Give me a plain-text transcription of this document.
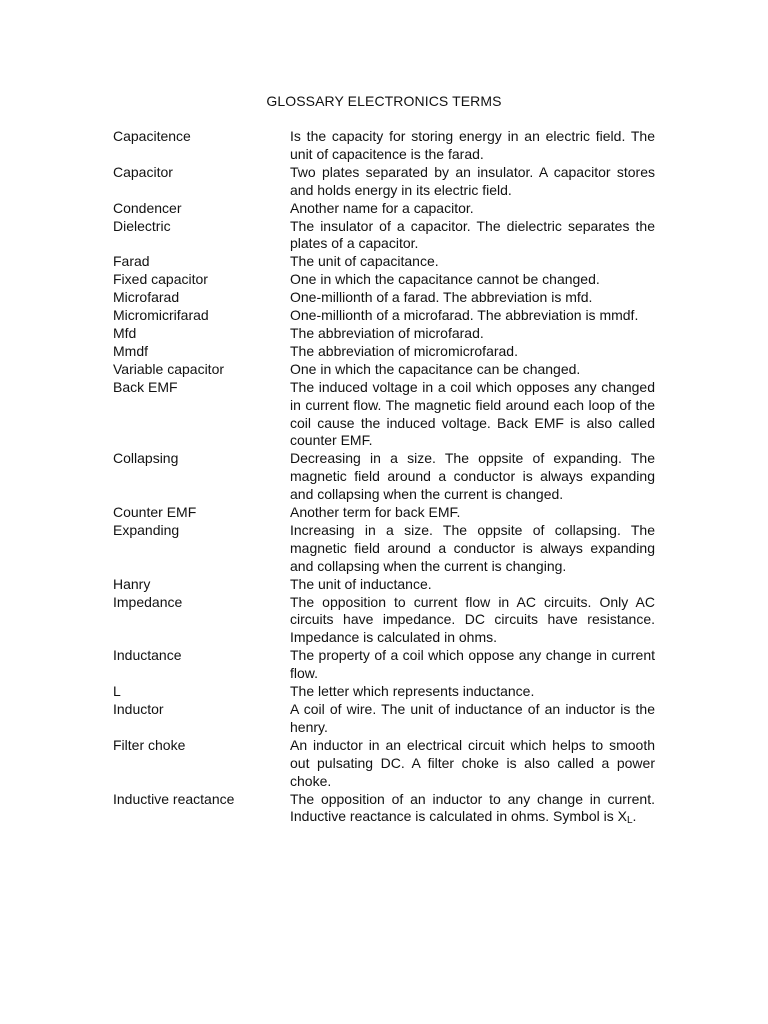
GLOSSARY ELECTRONICS TERMS
Capacitence	Is the capacity for storing energy in an electric field. The unit of capacitence is the farad.
Capacitor	Two plates separated by an insulator. A capacitor stores and holds energy in its electric field.
Condencer	Another name for a capacitor.
Dielectric	The insulator of a capacitor. The dielectric separates the plates of a capacitor.
Farad	The unit of capacitance.
Fixed capacitor	One in which the capacitance cannot be changed.
Microfarad	One-millionth of a farad. The abbreviation is mfd.
Micromicrifarad	One-millionth of a microfarad. The abbreviation is mmdf.
Mfd	The abbreviation of microfarad.
Mmdf	The abbreviation of micromicrofarad.
Variable capacitor	One in which the capacitance can be changed.
Back EMF	The induced voltage in a coil which opposes any changed in current flow. The magnetic field around each loop of the coil cause the induced voltage. Back EMF is also called counter EMF.
Collapsing	Decreasing in a size. The oppsite of expanding. The magnetic field around a conductor is always expanding and collapsing when the current is changed.
Counter EMF	Another term for back EMF.
Expanding	Increasing in a size. The oppsite of collapsing. The magnetic field around a conductor is always expanding and collapsing when the current is changing.
Hanry	The unit of inductance.
Impedance	The opposition to current flow in AC circuits. Only AC circuits have impedance. DC circuits have resistance. Impedance is calculated in ohms.
Inductance	The property of a coil which oppose any change in current flow.
L	The letter which represents inductance.
Inductor	A coil of wire. The unit of inductance of an inductor is the henry.
Filter choke	An inductor in an electrical circuit which helps to smooth out pulsating DC. A filter choke is also called a power choke.
Inductive reactance	The opposition of an inductor to any change in current. Inductive reactance is calculated in ohms. Symbol is $X_L$.
